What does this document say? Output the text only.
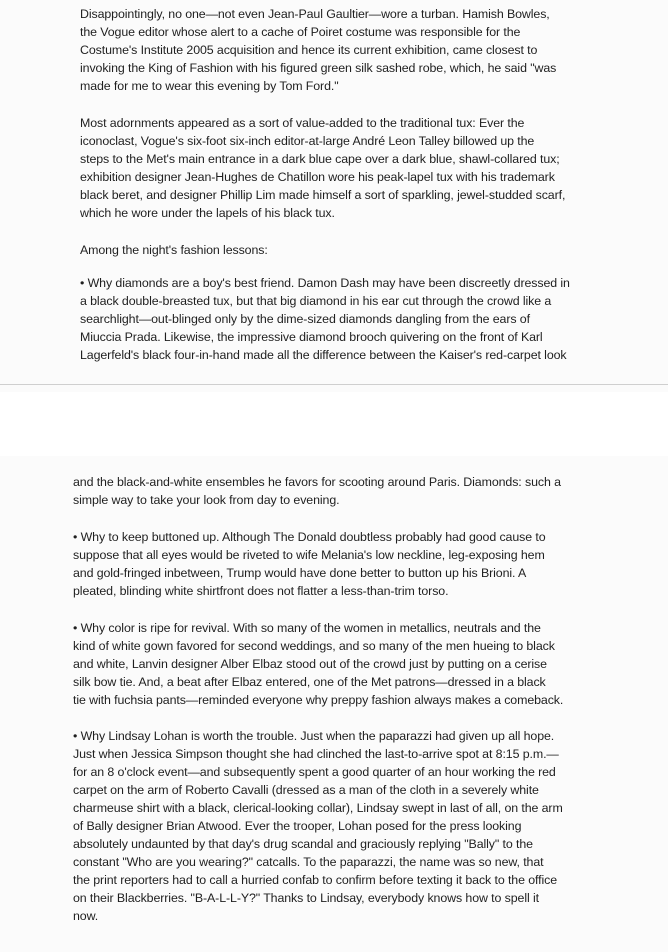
Disappointingly, no one—not even Jean-Paul Gaultier—wore a turban. Hamish Bowles,
the Vogue editor whose alert to a cache of Poiret costume was responsible for the
Costume's Institute 2005 acquisition and hence its current exhibition, came closest to
invoking the King of Fashion with his figured green silk sashed robe, which, he said "was
made for me to wear this evening by Tom Ford."
Most adornments appeared as a sort of value-added to the traditional tux: Ever the
iconoclast, Vogue's six-foot six-inch editor-at-large André Leon Talley billowed up the
steps to the Met's main entrance in a dark blue cape over a dark blue, shawl-collared tux;
exhibition designer Jean-Hughes de Chatillon wore his peak-lapel tux with his trademark
black beret, and designer Phillip Lim made himself a sort of sparkling, jewel-studded scarf,
which he wore under the lapels of his black tux.
Among the night's fashion lessons:
• Why diamonds are a boy's best friend. Damon Dash may have been discreetly dressed in
a black double-breasted tux, but that big diamond in his ear cut through the crowd like a
searchlight—out-blinged only by the dime-sized diamonds dangling from the ears of
Miuccia Prada. Likewise, the impressive diamond brooch quivering on the front of Karl
Lagerfeld's black four-in-hand made all the difference between the Kaiser's red-carpet look
and the black-and-white ensembles he favors for scooting around Paris. Diamonds: such a
simple way to take your look from day to evening.
• Why to keep buttoned up. Although The Donald doubtless probably had good cause to
suppose that all eyes would be riveted to wife Melania's low neckline, leg-exposing hem
and gold-fringed inbetween, Trump would have done better to button up his Brioni. A
pleated, blinding white shirtfront does not flatter a less-than-trim torso.
• Why color is ripe for revival. With so many of the women in metallics, neutrals and the
kind of white gown favored for second weddings, and so many of the men hueing to black
and white, Lanvin designer Alber Elbaz stood out of the crowd just by putting on a cerise
silk bow tie. And, a beat after Elbaz entered, one of the Met patrons—dressed in a black
tie with fuchsia pants—reminded everyone why preppy fashion always makes a comeback.
• Why Lindsay Lohan is worth the trouble. Just when the paparazzi had given up all hope.
Just when Jessica Simpson thought she had clinched the last-to-arrive spot at 8:15 p.m.—
for an 8 o'clock event—and subsequently spent a good quarter of an hour working the red
carpet on the arm of Roberto Cavalli (dressed as a man of the cloth in a severely white
charmeuse shirt with a black, clerical-looking collar), Lindsay swept in last of all, on the arm
of Bally designer Brian Atwood. Ever the trooper, Lohan posed for the press looking
absolutely undaunted by that day's drug scandal and graciously replying "Bally" to the
constant "Who are you wearing?" catcalls. To the paparazzi, the name was so new, that
the print reporters had to call a hurried confab to confirm before texting it back to the office
on their Blackberries. "B-A-L-L-Y?" Thanks to Lindsay, everybody knows how to spell it
now.
